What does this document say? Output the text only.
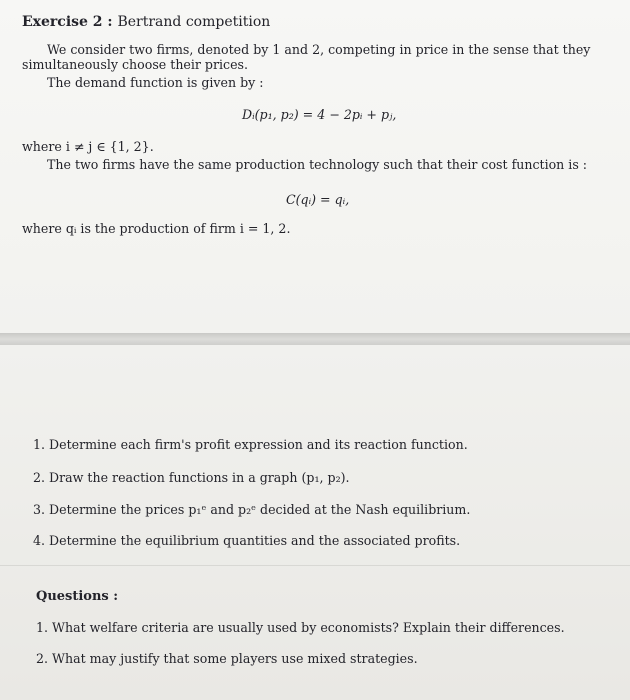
Exercise 2 : Bertrand competition
We consider two firms, denoted by 1 and 2, competing in price in the sense that they
simultaneously choose their prices.
The demand function is given by :
Dᵢ(p₁, p₂) = 4 − 2pᵢ + pⱼ,
where i ≠ j ∈ {1, 2}.
The two firms have the same production technology such that their cost function is :
C(qᵢ) = qᵢ,
where qᵢ is the production of firm i = 1, 2.
1. Determine each firm's profit expression and its reaction function.
2. Draw the reaction functions in a graph (p₁, p₂).
3. Determine the prices p₁ᵉ and p₂ᵉ decided at the Nash equilibrium.
4. Determine the equilibrium quantities and the associated profits.
Questions :
1. What welfare criteria are usually used by economists? Explain their differences.
2. What may justify that some players use mixed strategies.
